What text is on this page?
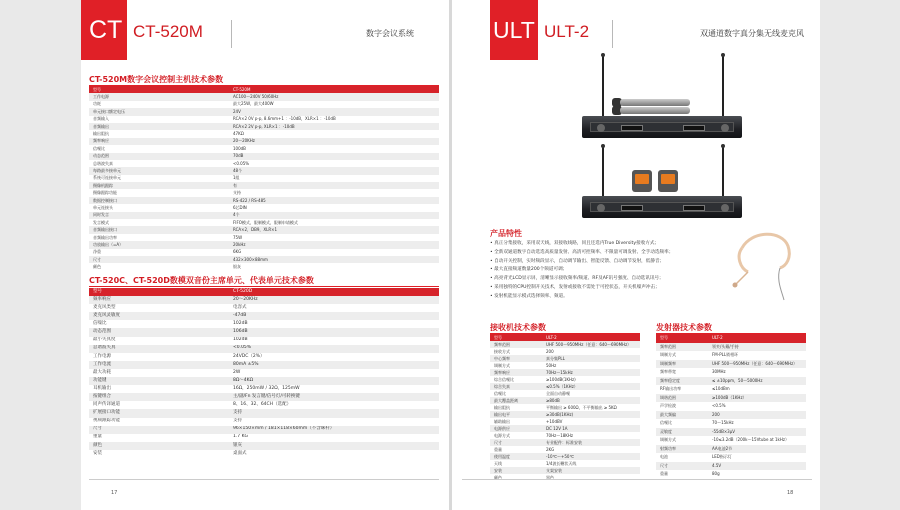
CT CT-520M	数字会议系统
CT-520M数字会议控制主机技术参数
型号	CT-520M
工作电源	AC100～240V 50/60Hz
功耗	最大25W，最大400W
单元接口额定电压	24V
音频输入	RCA×2 0V p-p, 8.6mm+1 ：-10dB，XLR×1 ：-10dB
音频输出	RCA×2 2V p-p, XLR×1 ：-10dB
输出阻抗	47KΩ
频率响应	20～20KHz
信噪比	100dB
动态范围	70dB
总谐波失真	<0.05%
每路最多接单元	48个
系统可连接单元	1组
摄像机跟踪	有
摄像跟踪功能	支持
数据控制接口	RS-422 / RS-485
单元连接头	6芯DIN
同时发言	4个
发言模式	FIFO模式，限制模式，限制申请模式
音频输出接口	RCA×2，DB9，XLR×1
音频输出功率	75W
功放输出（=A）	20kHz
净重	6KG
尺寸	432×300×88mm
颜色	银灰
CT-520C、CT-520D数模双音份主席单元、代表单元技术参数
型号	CT-520D
频率响应	20～20KHz
麦克风类型	电容式
麦克风灵敏度	-47dB
信噪比	102dB
动态范围	106dB
最小失真度	102dB
总谐波失真	<0.05%
工作电源	24VDC（2%）
工作电流	80mA ±5%
最大功耗	2W
功能键	8Ω～4KΩ
耳机输出	16Ω，250mW / 32Ω，125mW
按键组合	主/副/Fn 发言键/信号灯/可转换键
同声传译通道	8、16、32、64CH（选配）
扩展接口功能	支持
视频跟踪功能	支持
尺寸	96×150×mm / 181×118×60mm（不含咪杆）
重量	1.7 KG
颜色	银灰
安装	桌面式
17
ULT ULT-2	双通道数字真分集无线麦克风
产品特性
• 真正分集接收，采用双天线，双接收线路，同且还选内True Diversity接收方式；
• 全新双通道数字自动选选高质量发射、高清可控频率、不限量可调发射、全手动选频率；
• 自动开关控制，实时频段显示，自动调节输出、智能反馈、自动调节发射，低静音；
• 最大直接频道数量200个频道可调；
• 高亮背光LCD显示屏，清晰显示接收频率/频道、RF及AF讯号强度、自动选讯讯号；
• 采用独特的CPU控制开关技术，发射或接收不需处于可控状态，开关机噪声冲击；
• 发射机能显示模式选择频率、频道。
接收机技术参数
型号	ULT-2
频率范围	UHF 500～950MHz（任意：640～690MHz）
接收方式	200
中心频率	真分集PLL
调制方式	50Hz
频率响应	70Hz～15kHz
综合信噪比	≥100dB(1KHz)
综合失真	≤0.5%（1KHz）
信噪比	全面自动静噪
最大覆盖距离	≥80dB
输出阻抗	平衡输出 ≥ 600Ω，不平衡输出 ≥ 5KΩ
输出电平	≥30dB(1KHz)
辅助输出	+10dBV
电源供应	DC 12V 1A
电源方式	70Hz～18KHz
尺寸	专业配件：标准安装
重量	2KG
使用温度	-10℃～+50℃
天线	1/4波长鞭状天线
安装	支架安装
颜色	黑色
发射器技术参数
型号	ULT-2
频率范围	领夹/头戴/手持
调制方式	FM-PLL锁相环
调制频率	UHF 500～950MHz（任意：640～690MHz）
频率带宽	30MHz
频率稳定度	≤ ±10ppm，50～5000Hz
RF输出功率	≤10dBm
调谐范围	≥100dB（1KHz）
声学检波	<0.5%
最大频偏	200
信噪比	70～15kHz
灵敏度	-55dB×3μV
调制方式	-10≤3.2dB（200k～15Vtube at 1kHz）
射频功率	AA电池2节
电池	LED指示灯
尺寸	4.5V
重量	80g
18
